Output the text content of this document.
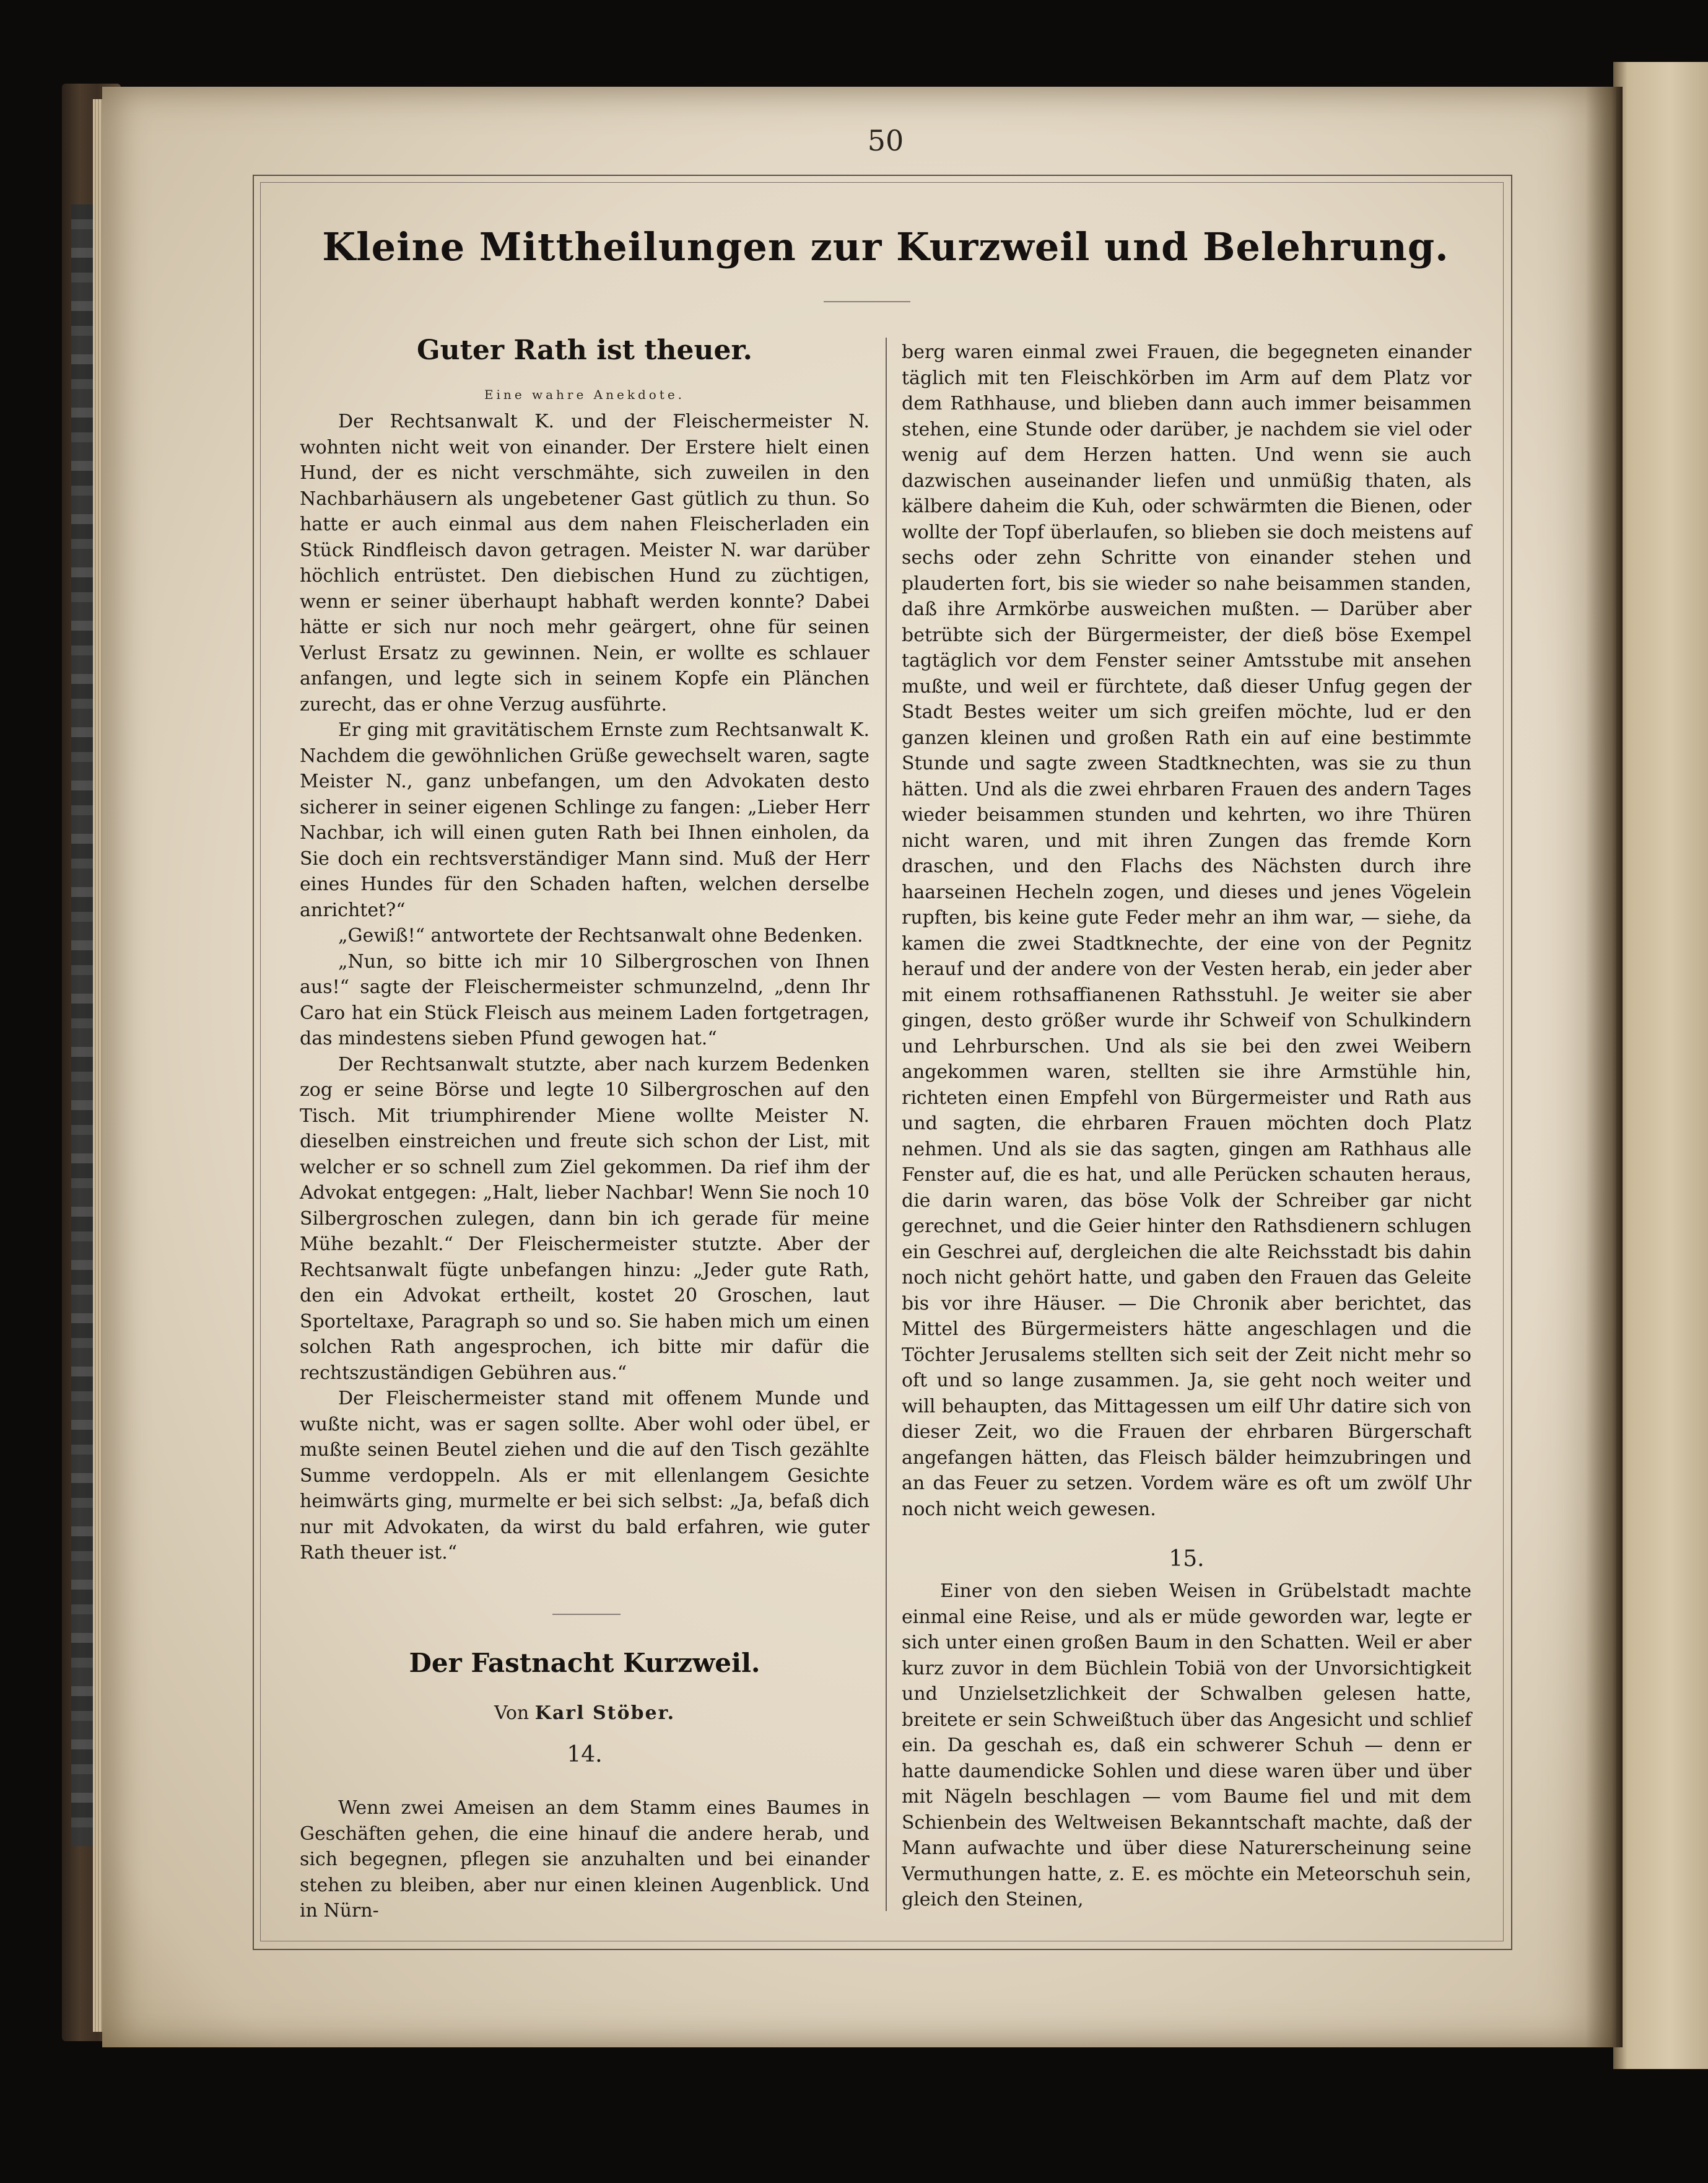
50
Kleine Mittheilungen zur Kurzweil und Belehrung.
Guter Rath ist theuer.
Eine wahre Anekdote.

Der Rechtsanwalt K. und der Fleischermeister N. wohnten nicht weit von einander. Der Erstere hielt einen Hund, der es nicht verschmähte, sich zuweilen in den Nachbarhäusern als ungebetener Gast gütlich zu thun. So hatte er auch einmal aus dem nahen Fleischerladen ein Stück Rindfleisch davon getragen. Meister N. war darüber höchlich entrüstet. Den diebischen Hund zu züchtigen, wenn er seiner überhaupt habhaft werden konnte? Dabei hätte er sich nur noch mehr geärgert, ohne für seinen Verlust Ersatz zu gewinnen. Nein, er wollte es schlauer anfangen, und legte sich in seinem Kopfe ein Plänchen zurecht, das er ohne Verzug ausführte.

Er ging mit gravitätischem Ernste zum Rechtsanwalt K. Nachdem die gewöhnlichen Grüße gewechselt waren, sagte Meister N., ganz unbefangen, um den Advokaten desto sicherer in seiner eigenen Schlinge zu fangen: „Lieber Herr Nachbar, ich will einen guten Rath bei Ihnen einholen, da Sie doch ein rechtsverständiger Mann sind. Muß der Herr eines Hundes für den Schaden haften, welchen derselbe anrichtet?“

„Gewiß!“ antwortete der Rechtsanwalt ohne Bedenken.

„Nun, so bitte ich mir 10 Silbergroschen von Ihnen aus!“ sagte der Fleischermeister schmunzelnd, „denn Ihr Caro hat ein Stück Fleisch aus meinem Laden fortgetragen, das mindestens sieben Pfund gewogen hat.“

Der Rechtsanwalt stutzte, aber nach kurzem Bedenken zog er seine Börse und legte 10 Silbergroschen auf den Tisch. Mit triumphirender Miene wollte Meister N. dieselben einstreichen und freute sich schon der List, mit welcher er so schnell zum Ziel gekommen. Da rief ihm der Advokat entgegen: „Halt, lieber Nachbar! Wenn Sie noch 10 Silbergroschen zulegen, dann bin ich gerade für meine Mühe bezahlt.“ Der Fleischermeister stutzte. Aber der Rechtsanwalt fügte unbefangen hinzu: „Jeder gute Rath, den ein Advokat ertheilt, kostet 20 Groschen, laut Sporteltaxe, Paragraph so und so. Sie haben mich um einen solchen Rath angesprochen, ich bitte mir dafür die rechtszuständigen Gebühren aus.“

Der Fleischermeister stand mit offenem Munde und wußte nicht, was er sagen sollte. Aber wohl oder übel, er mußte seinen Beutel ziehen und die auf den Tisch gezählte Summe verdoppeln. Als er mit ellenlangem Gesichte heimwärts ging, murmelte er bei sich selbst: „Ja, befaß dich nur mit Advokaten, da wirst du bald erfahren, wie guter Rath theuer ist.“

Der Fastnacht Kurzweil.
Von Karl Stöber.
14.

Wenn zwei Ameisen an dem Stamm eines Baumes in Geschäften gehen, die eine hinauf die andere herab, und sich begegnen, pflegen sie anzuhalten und bei einander stehen zu bleiben, aber nur einen kleinen Augenblick. Und in Nürn-

berg waren einmal zwei Frauen, die begegneten einander täglich mit ten Fleischkörben im Arm auf dem Platz vor dem Rathhause, und blieben dann auch immer beisammen stehen, eine Stunde oder darüber, je nachdem sie viel oder wenig auf dem Herzen hatten. Und wenn sie auch dazwischen auseinander liefen und unmüßig thaten, als kälbere daheim die Kuh, oder schwärmten die Bienen, oder wollte der Topf überlaufen, so blieben sie doch meistens auf sechs oder zehn Schritte von einander stehen und plauderten fort, bis sie wieder so nahe beisammen standen, daß ihre Armkörbe ausweichen mußten. — Darüber aber betrübte sich der Bürgermeister, der dieß böse Exempel tagtäglich vor dem Fenster seiner Amtsstube mit ansehen mußte, und weil er fürchtete, daß dieser Unfug gegen der Stadt Bestes weiter um sich greifen möchte, lud er den ganzen kleinen und großen Rath ein auf eine bestimmte Stunde und sagte zween Stadtknechten, was sie zu thun hätten. Und als die zwei ehrbaren Frauen des andern Tages wieder beisammen stunden und kehrten, wo ihre Thüren nicht waren, und mit ihren Zungen das fremde Korn draschen, und den Flachs des Nächsten durch ihre haarseinen Hecheln zogen, und dieses und jenes Vögelein rupften, bis keine gute Feder mehr an ihm war, — siehe, da kamen die zwei Stadtknechte, der eine von der Pegnitz herauf und der andere von der Vesten herab, ein jeder aber mit einem rothsaffianenen Rathsstuhl. Je weiter sie aber gingen, desto größer wurde ihr Schweif von Schulkindern und Lehrburschen. Und als sie bei den zwei Weibern angekommen waren, stellten sie ihre Armstühle hin, richteten einen Empfehl von Bürgermeister und Rath aus und sagten, die ehrbaren Frauen möchten doch Platz nehmen. Und als sie das sagten, gingen am Rathhaus alle Fenster auf, die es hat, und alle Perücken schauten heraus, die darin waren, das böse Volk der Schreiber gar nicht gerechnet, und die Geier hinter den Rathsdienern schlugen ein Geschrei auf, dergleichen die alte Reichsstadt bis dahin noch nicht gehört hatte, und gaben den Frauen das Geleite bis vor ihre Häuser. — Die Chronik aber berichtet, das Mittel des Bürgermeisters hätte angeschlagen und die Töchter Jerusalems stellten sich seit der Zeit nicht mehr so oft und so lange zusammen. Ja, sie geht noch weiter und will behaupten, das Mittagessen um eilf Uhr datire sich von dieser Zeit, wo die Frauen der ehrbaren Bürgerschaft angefangen hätten, das Fleisch bälder heimzubringen und an das Feuer zu setzen. Vordem wäre es oft um zwölf Uhr noch nicht weich gewesen.

15.

Einer von den sieben Weisen in Grübelstadt machte einmal eine Reise, und als er müde geworden war, legte er sich unter einen großen Baum in den Schatten. Weil er aber kurz zuvor in dem Büchlein Tobiä von der Unvorsichtigkeit und Unzielsetzlichkeit der Schwalben gelesen hatte, breitete er sein Schweißtuch über das Angesicht und schlief ein. Da geschah es, daß ein schwerer Schuh — denn er hatte daumendicke Sohlen und diese waren über und über mit Nägeln beschlagen — vom Baume fiel und mit dem Schienbein des Weltweisen Bekanntschaft machte, daß der Mann aufwachte und über diese Naturerscheinung seine Vermuthungen hatte, z. E. es möchte ein Meteorschuh sein, gleich den Steinen,
